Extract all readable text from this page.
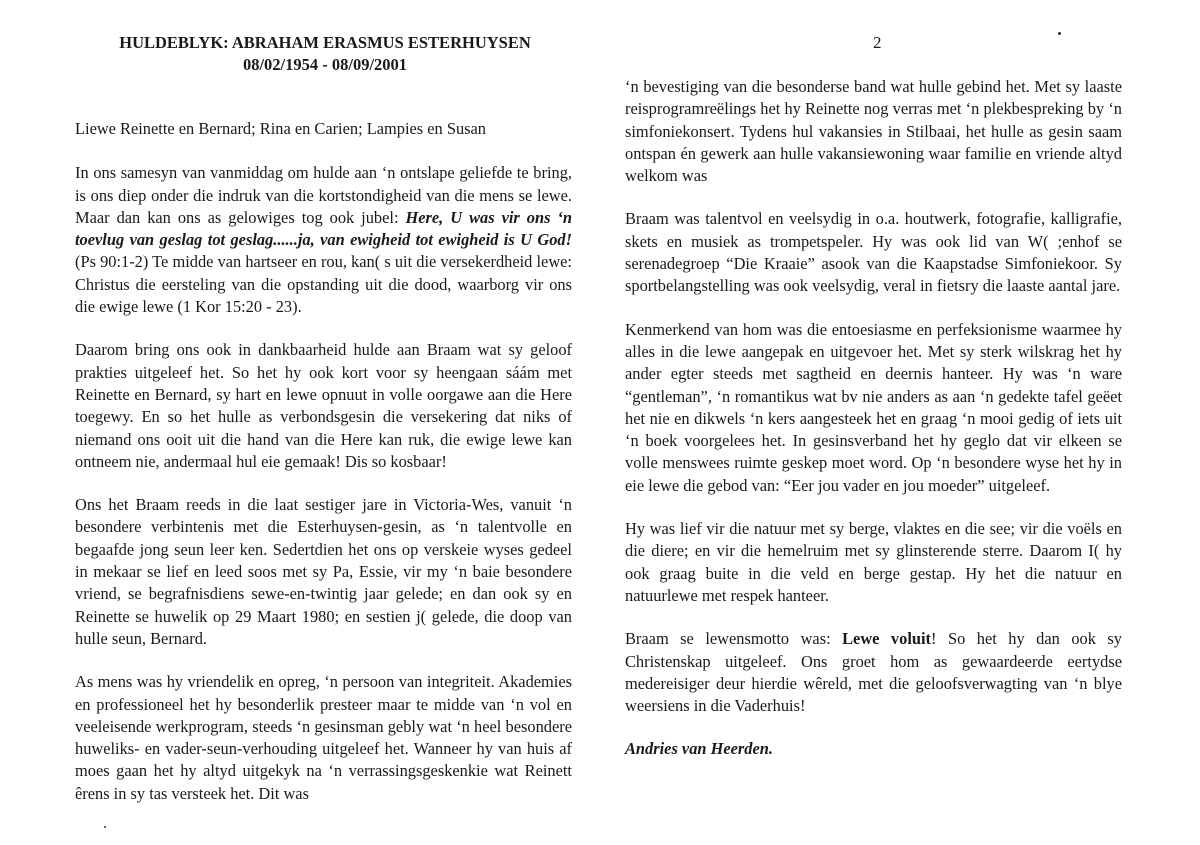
HULDEBLYK: ABRAHAM ERASMUS ESTERHUYSEN
08/02/1954 - 08/09/2001
2

Liewe Reinette en Bernard; Rina en Carien; Lampies en Susan

In ons samesyn van vanmiddag om hulde aan ‘n ontslape geliefde te bring, is ons diep onder die indruk van die kortstondigheid van die mens se lewe. Maar dan kan ons as gelowiges tog ook jubel: Here, U was vir ons ‘n toevlug van geslag tot geslag......ja, van ewigheid tot ewigheid is U God! (Ps 90:1-2) Te midde van hartseer en rou, kan( s uit die versekerdheid lewe: Christus die eersteling van die opstanding uit die dood, waarborg vir ons die ewige lewe (1 Kor 15:20 - 23).

Daarom bring ons ook in dankbaarheid hulde aan Braam wat sy geloof prakties uitgeleef het. So het hy ook kort voor sy heengaan sáám met Reinette en Bernard, sy hart en lewe opnuut in volle oorgawe aan die Here toegewy. En so het hulle as verbondsgesin die versekering dat niks of niemand ons ooit uit die hand van die Here kan ruk, die ewige lewe kan ontneem nie, andermaal hul eie gemaak! Dis so kosbaar!

Ons het Braam reeds in die laat sestiger jare in Victoria-Wes, vanuit ‘n besondere verbintenis met die Esterhuysen-gesin, as ‘n talentvolle en begaafde jong seun leer ken. Sedertdien het ons op verskeie wyses gedeel in mekaar se lief en leed soos met sy Pa, Essie, vir my ‘n baie besondere vriend, se begrafnisdiens sewe-en-twintig jaar gelede; en dan ook sy en Reinette se huwelik op 29 Maart 1980; en sestien j( gelede, die doop van hulle seun, Bernard.

As mens was hy vriendelik en opreg, ‘n persoon van integriteit. Akademies en professioneel het hy besonderlik presteer maar te midde van ‘n vol en veeleisende werkprogram, steeds ‘n gesinsman gebly wat ‘n heel besondere huweliks- en vader-seun-verhouding uitgeleef het. Wanneer hy van huis af moes gaan het hy altyd uitgekyk na ‘n verrassingsgeskenkie wat Reinett êrens in sy tas versteek het. Dit was

‘n bevestiging van die besonderse band wat hulle gebind het. Met sy laaste reisprogramreëlings het hy Reinette nog verras met ‘n plekbespreking by ‘n simfoniekonsert. Tydens hul vakansies in Stilbaai, het hulle as gesin saam ontspan én gewerk aan hulle vakansiewoning waar familie en vriende altyd welkom was

Braam was talentvol en veelsydig in o.a. houtwerk, fotografie, kalligrafie, skets en musiek as trompetspeler. Hy was ook lid van W( ;enhof se serenadegroep “Die Kraaie” asook van die Kaapstadse Simfoniekoor. Sy sportbelangstelling was ook veelsydig, veral in fietsry die laaste aantal jare.

Kenmerkend van hom was die entoesiasme en perfeksionisme waarmee hy alles in die lewe aangepak en uitgevoer het. Met sy sterk wilskrag het hy ander egter steeds met sagtheid en deernis hanteer. Hy was ‘n ware “gentleman”, ‘n romantikus wat bv nie anders as aan ‘n gedekte tafel geëet het nie en dikwels ‘n kers aangesteek het en graag ‘n mooi gedig of iets uit ‘n boek voorgelees het. In gesinsverband het hy geglo dat vir elkeen se volle menswees ruimte geskep moet word. Op ‘n besondere wyse het hy in eie lewe die gebod van: “Eer jou vader en jou moeder” uitgeleef.

Hy was lief vir die natuur met sy berge, vlaktes en die see; vir die voëls en die diere; en vir die hemelruim met sy glinsterende sterre. Daarom I( hy ook graag buite in die veld en berge gestap. Hy het die natuur en natuurlewe met respek hanteer.

Braam se lewensmotto was: Lewe voluit! So het hy dan ook sy Christenskap uitgeleef. Ons groet hom as gewaardeerde eertydse medereisiger deur hierdie wêreld, met die geloofsverwagting van ‘n blye weersiens in die Vaderhuis!

Andries van Heerden.
